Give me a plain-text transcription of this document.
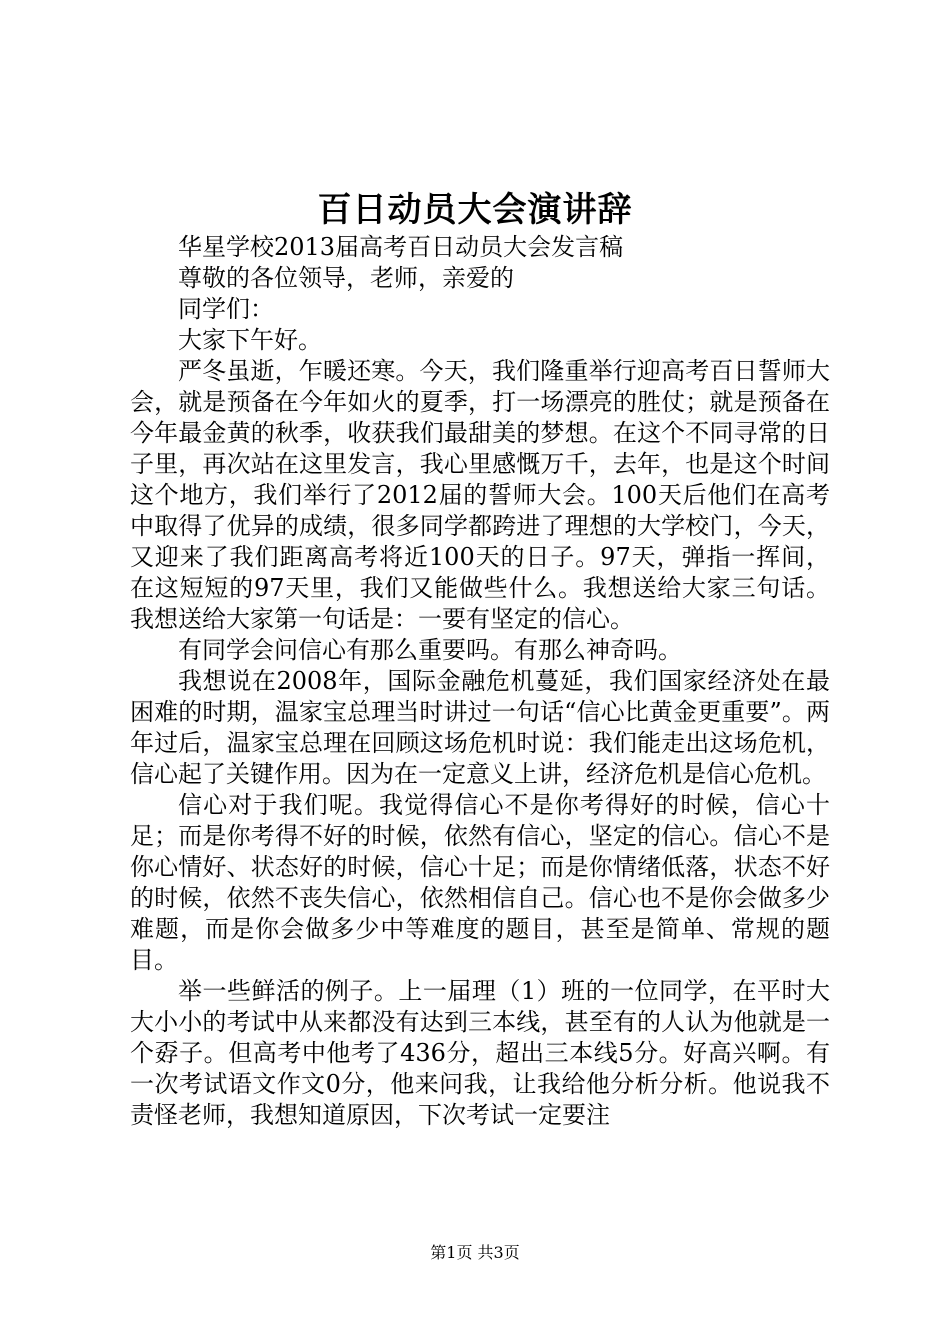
百日动员大会演讲辞

华星学校2013届高考百日动员大会发言稿

尊敬的各位领导，老师，亲爱的

同学们：

大家下午好。

严冬虽逝，乍暖还寒。今天，我们隆重举行迎高考百日誓师大会，就是预备在今年如火的夏季，打一场漂亮的胜仗；就是预备在今年最金黄的秋季，收获我们最甜美的梦想。在这个不同寻常的日子里，再次站在这里发言，我心里感慨万千，去年，也是这个时间这个地方，我们举行了2012届的誓师大会。100天后他们在高考中取得了优异的成绩，很多同学都跨进了理想的大学校门，今天，又迎来了我们距离高考将近100天的日子。97天，弹指一挥间，在这短短的97天里，我们又能做些什么。我想送给大家三句话。我想送给大家第一句话是：一要有坚定的信心。

有同学会问信心有那么重要吗。有那么神奇吗。

我想说在2008年，国际金融危机蔓延，我们国家经济处在最困难的时期，温家宝总理当时讲过一句话“信心比黄金更重要”。两年过后，温家宝总理在回顾这场危机时说：我们能走出这场危机，信心起了关键作用。因为在一定意义上讲，经济危机是信心危机。

信心对于我们呢。我觉得信心不是你考得好的时候，信心十足；而是你考得不好的时候，依然有信心，坚定的信心。信心不是你心情好、状态好的时候，信心十足；而是你情绪低落，状态不好的时候，依然不丧失信心，依然相信自己。信心也不是你会做多少难题，而是你会做多少中等难度的题目，甚至是简单、常规的题目。

举一些鲜活的例子。上一届理（1）班的一位同学，在平时大大小小的考试中从来都没有达到三本线，甚至有的人认为他就是一个孬子。但高考中他考了436分，超出三本线5分。好高兴啊。有一次考试语文作文0分，他来问我，让我给他分析分析。他说我不责怪老师，我想知道原因，下次考试一定要注

第1页 共3页
